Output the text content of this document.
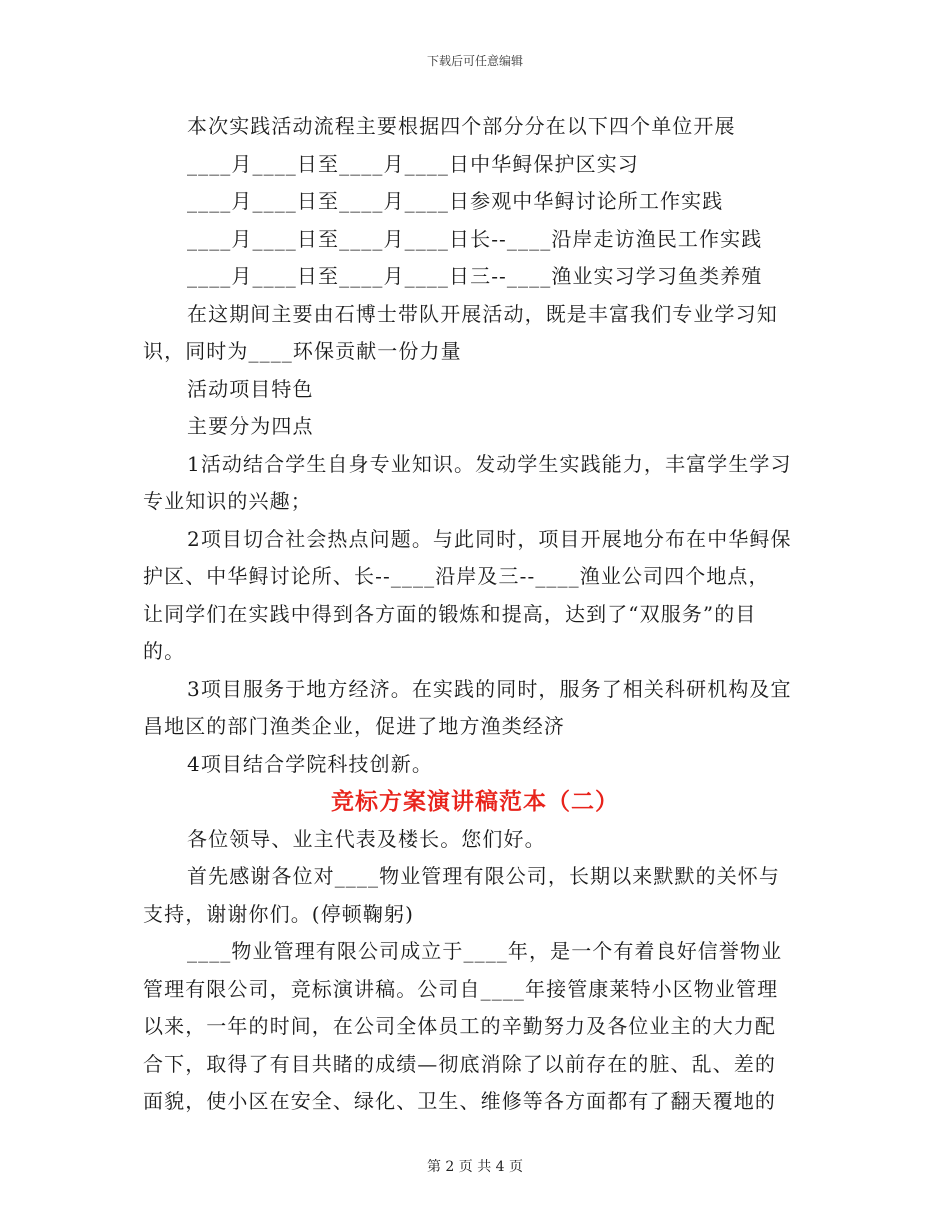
下载后可任意编辑
本次实践活动流程主要根据四个部分分在以下四个单位开展
____月____日至____月____日中华鲟保护区实习
____月____日至____月____日参观中华鲟讨论所工作实践
____月____日至____月____日长--____沿岸走访渔民工作实践
____月____日至____月____日三--____渔业实习学习鱼类养殖
在这期间主要由石博士带队开展活动，既是丰富我们专业学习知
识，同时为____环保贡献一份力量
活动项目特色
主要分为四点
1活动结合学生自身专业知识。发动学生实践能力，丰富学生学习
专业知识的兴趣；
2项目切合社会热点问题。与此同时，项目开展地分布在中华鲟保
护区、中华鲟讨论所、长--____沿岸及三--____渔业公司四个地点，
让同学们在实践中得到各方面的锻炼和提高，达到了“双服务”的目
的。
3项目服务于地方经济。在实践的同时，服务了相关科研机构及宜
昌地区的部门渔类企业，促进了地方渔类经济
4项目结合学院科技创新。
竞标方案演讲稿范本（二）
各位领导、业主代表及楼长。您们好。
首先感谢各位对____物业管理有限公司，长期以来默默的关怀与
支持，谢谢你们。(停顿鞠躬)
____物业管理有限公司成立于____年，是一个有着良好信誉物业
管理有限公司，竞标演讲稿。公司自____年接管康莱特小区物业管理
以来，一年的时间，在公司全体员工的辛勤努力及各位业主的大力配
合下，取得了有目共睹的成绩—彻底消除了以前存在的脏、乱、差的
面貌，使小区在安全、绿化、卫生、维修等各方面都有了翻天覆地的
第 2 页 共 4 页
